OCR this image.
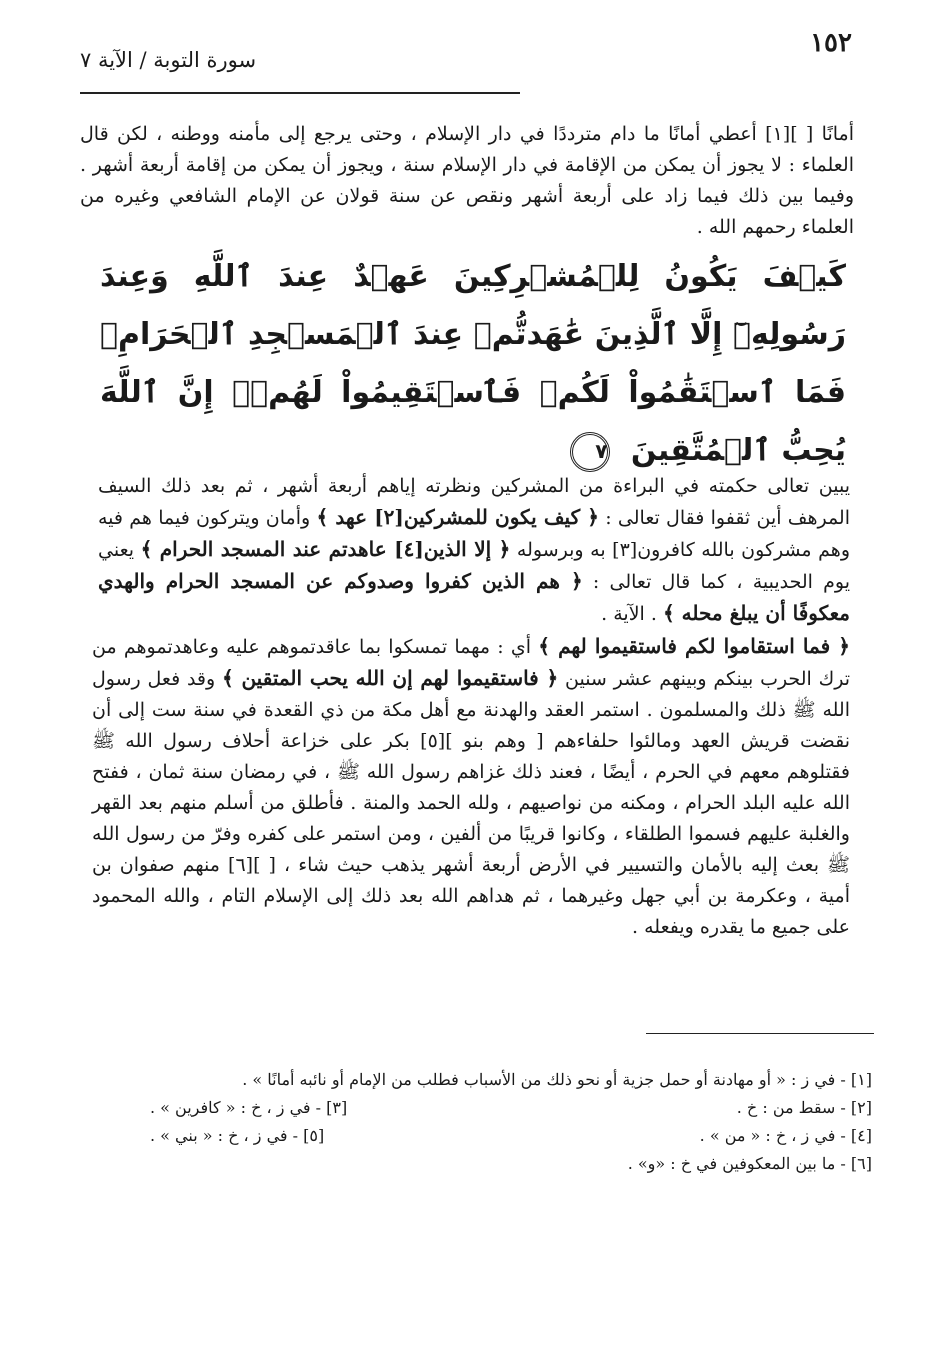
١٥٢
سورة التوبة / الآية ٧

أمانًا [ ][١] أعطي أمانًا ما دام مترددًا في دار الإسلام ، وحتى يرجع إلى مأمنه ووطنه ، لكن قال العلماء : لا يجوز أن يمكن من الإقامة في دار الإسلام سنة ، ويجوز أن يمكن من إقامة أربعة أشهر . وفيما بين ذلك فيما زاد على أربعة أشهر ونقص عن سنة قولان عن الإمام الشافعي وغيره من العلماء رحمهم الله .

كَيۡفَ يَكُونُ لِلۡمُشۡرِكِينَ عَهۡدٌ عِندَ ٱللَّهِ وَعِندَ رَسُولِهِۦٓ إِلَّا ٱلَّذِينَ عَٰهَدتُّمۡ عِندَ ٱلۡمَسۡجِدِ ٱلۡحَرَامِۖ فَمَا ٱسۡتَقَٰمُواْ لَكُمۡ فَٱسۡتَقِيمُواْ لَهُمۡۚ إِنَّ ٱللَّهَ يُحِبُّ ٱلۡمُتَّقِينَ ٧

يبين تعالى حكمته في البراءة من المشركين ونظرته إياهم أربعة أشهر ، ثم بعد ذلك السيف المرهف أين ثقفوا فقال تعالى : ﴿ كيف يكون للمشركين[٢] عهد ﴾ وأمان ويتركون فيما هم فيه وهم مشركون بالله كافرون[٣] به وبرسوله ﴿ إلا الذين[٤] عاهدتم عند المسجد الحرام ﴾ يعني يوم الحديبية ، كما قال تعالى : ﴿ هم الذين كفروا وصدوكم عن المسجد الحرام والهدي معكوفًا أن يبلغ محله ﴾ . الآية .

﴿ فما استقاموا لكم فاستقيموا لهم ﴾ أي : مهما تمسكوا بما عاقدتموهم عليه وعاهدتموهم من ترك الحرب بينكم وبينهم عشر سنين ﴿ فاستقيموا لهم إن الله يحب المتقين ﴾ وقد فعل رسول الله ﷺ ذلك والمسلمون . استمر العقد والهدنة مع أهل مكة من ذي القعدة في سنة ست إلى أن نقضت قريش العهد ومالئوا حلفاءهم [ وهم بنو ][٥] بكر على خزاعة أحلاف رسول الله ﷺ فقتلوهم معهم في الحرم ، أيضًا ، فعند ذلك غزاهم رسول الله ﷺ ، في رمضان سنة ثمان ، ففتح الله عليه البلد الحرام ، ومكنه من نواصيهم ، ولله الحمد والمنة . فأطلق من أسلم منهم بعد القهر والغلبة عليهم فسموا الطلقاء ، وكانوا قريبًا من ألفين ، ومن استمر على كفره وفرّ من رسول الله ﷺ بعث إليه بالأمان والتسيير في الأرض أربعة أشهر يذهب حيث شاء ، [ ][٦] منهم صفوان بن أمية ، وعكرمة بن أبي جهل وغيرهما ، ثم هداهم الله بعد ذلك إلى الإسلام التام ، والله المحمود على جميع ما يقدره ويفعله .

[١] - في ز : « أو مهادنة أو حمل جزية أو نحو ذلك من الأسباب فطلب من الإمام أو نائبه أمانًا » .
[٢] - سقط من : خ .
[٣] - في ز ، خ : « كافرين » .
[٤] - في ز ، خ : « من » .
[٥] - في ز ، خ : « بني » .
[٦] - ما بين المعكوفين في خ : «و» .
